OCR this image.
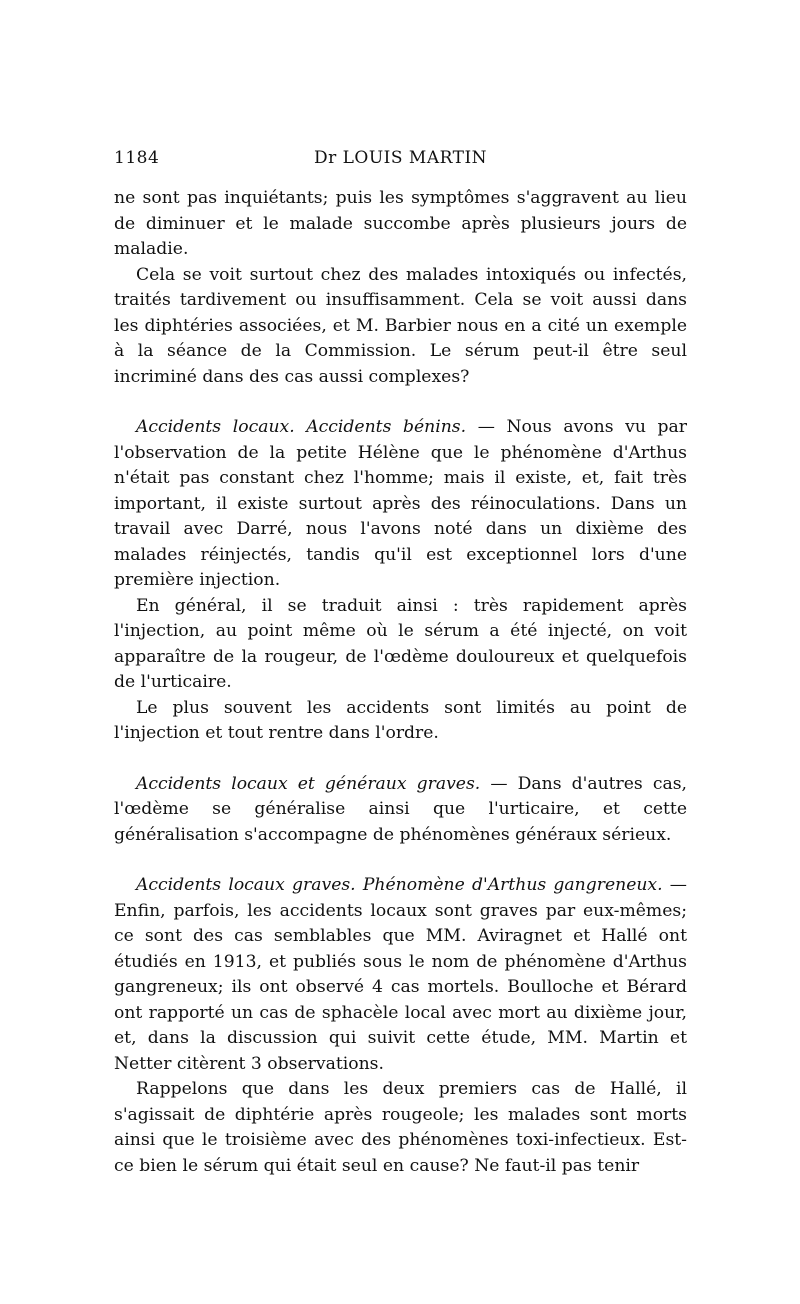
1184	Dr LOUIS MARTIN

ne sont pas inquiétants; puis les symptômes s'aggravent au lieu de diminuer et le malade succombe après plusieurs jours de maladie.

Cela se voit surtout chez des malades intoxiqués ou infectés, traités tardivement ou insuffisamment. Cela se voit aussi dans les diphtéries associées, et M. Barbier nous en a cité un exemple à la séance de la Commission. Le sérum peut-il être seul incriminé dans des cas aussi complexes?

Accidents locaux. Accidents bénins. — Nous avons vu par l'observation de la petite Hélène que le phénomène d'Arthus n'était pas constant chez l'homme; mais il existe, et, fait très important, il existe surtout après des réinoculations. Dans un travail avec Darré, nous l'avons noté dans un dixième des malades réinjectés, tandis qu'il est exceptionnel lors d'une première injection.

En général, il se traduit ainsi : très rapidement après l'injection, au point même où le sérum a été injecté, on voit apparaître de la rougeur, de l'œdème douloureux et quelquefois de l'urticaire.

Le plus souvent les accidents sont limités au point de l'injection et tout rentre dans l'ordre.

Accidents locaux et généraux graves. — Dans d'autres cas, l'œdème se généralise ainsi que l'urticaire, et cette généralisation s'accompagne de phénomènes généraux sérieux.

Accidents locaux graves. Phénomène d'Arthus gangreneux. — Enfin, parfois, les accidents locaux sont graves par eux-mêmes; ce sont des cas semblables que MM. Aviragnet et Hallé ont étudiés en 1913, et publiés sous le nom de phénomène d'Arthus gangreneux; ils ont observé 4 cas mortels. Boulloche et Bérard ont rapporté un cas de sphacèle local avec mort au dixième jour, et, dans la discussion qui suivit cette étude, MM. Martin et Netter citèrent 3 observations.

Rappelons que dans les deux premiers cas de Hallé, il s'agissait de diphtérie après rougeole; les malades sont morts ainsi que le troisième avec des phénomènes toxi-infectieux. Est-ce bien le sérum qui était seul en cause? Ne faut-il pas tenir
